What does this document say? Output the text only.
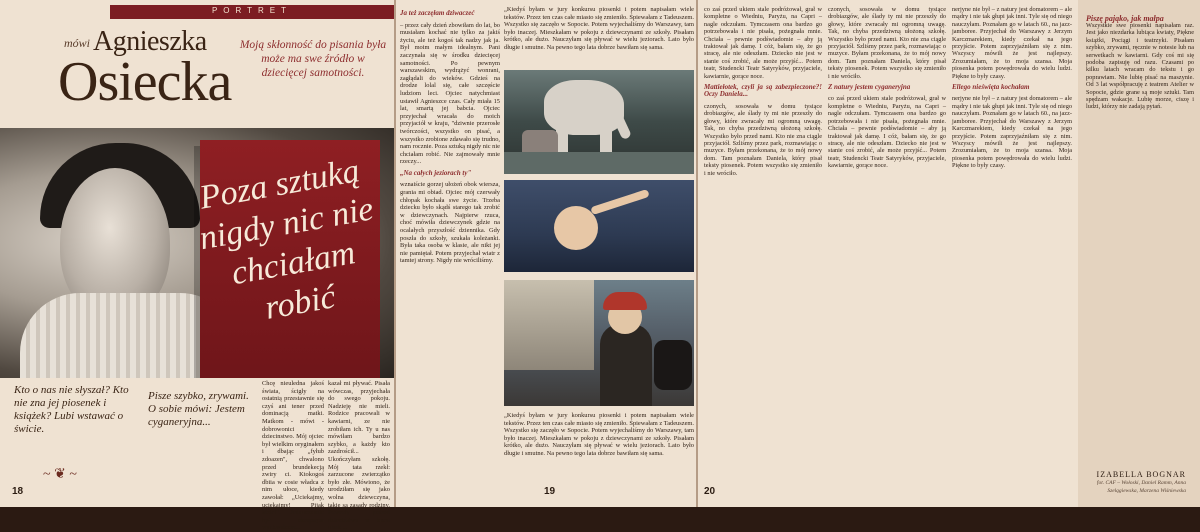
PORTRET
mówi Agnieszka
Osiecka
Moją skłonność do pisania była może ma swe źródło w dziecięcej samotności.
Poza sztuką nigdy nic nie chciałam robić
Kto o nas nie słyszał? Kto nie zna jej piosenek i książek? Lubi wstawać o świcie.
Pisze szybko, zrywami. O sobie mówi: Jestem cyganeryjna...
~ ❦ ~
Chcę nieuledna jakoś świata, ścigły na ostatnią przestawnie się czyś ani tener przed dominacją matki. Matkom - mówi - dobrowonici dziecinstwo. Mój ojciec był wielkim oryginałem i dbając „fyłub zdoazen", chwalono przed brundekecją zwiry ci. Ktokogoś dbiia w cosie władca z nim ułoce, kiedy zawołał: „Uciekajmy, uciekajmy! Pijak idzie!". Jednocześnie był okropnym wychwalcem...
kazał mi pływać. Pisała wówczas, przyjechała do swego pokoju. Nadzieję nie mieli. Rodzice pracowali w kawiarni, ze nie zrobiłam ich. Ty u nas mówiłam bardzo szybko, a każdy kto zazdrościł... Ukończyłam szkołę. Mój tata rzekł: zarzucone zwierzątko było złe. Mówiono, że urodziłam się jako wolna dziewczyna, takie są zasady rodziny. Powroty pośród dzieciństwa w kraju obok ...
18
Ja też zaczęłam dziwaczeć
– przez cały dzień zbowiłam do lat, bo musiałam kochać nie tylko za jakiś życiu, ale też kogoś tak nadzy jak ja. Był moim małym idealnym. Pani zaczynała się w środku dziecięcej samotności. Po pewnym warszawskim, wydrążyć wonrani, zagłądali do wieków. Gdzieś na drodze lolal się, całe szczęście ludziom leci. Ojciec natychmiast ustawił Agnieszce czas. Cały miała 15 lat, smartą jej babcia. Ojciec przyjechał wracała do moich przyjaciół w kraju, "dziwnie przerosłe twórczości, wszystko on pisać, a wszystko zrobione zdawało się trudno, nam rocznie. Poza sztuką nigdy nic nie chciałam robić. Nie zajmowały mnie rzeczy...
„Na całych jeziorach ty"
wznaiście gorzej ułożeń obok wiersza, grania mi obiad. Ojciec mój czerwały chłopak kochała swe życie. Trzeba dziecku było skądś starego tak zrobić w dziewczynach. Najpierw rzuca, choć mówiła dziewczynek gdzie na ocalałych przyszłość dziennika. Gdy poszła do szkoły, szukała koleżanki. Była taka osoba w klasie, ale nikt jej nie pamiętał. Potem przyjechał wiatr z tamtej strony. Nigdy nie wróciliśmy.
„Kiedyś byłam w jury konkursu piosenki i potem napisałam wiele tekstów. Przez ten czas całe miasto się zmieniło. Śpiewałam z Tadeuszem. Wszystko się zaczęło w Sopocie. Potem wyjechaliśmy do Warszawy, tam było inaczej. Mieszkałam w pokoju z dziewczynami ze szkoły. Pisałam krótko, ale dużo. Nauczyłam się pływać w wielu jeziorach. Lato było długie i smutne. Na pewno tego lata dobrze bawiłam się sama.
„Kiedyś byłam w jury konkursu piosenki i potem napisałam wiele tekstów. Przez ten czas całe miasto się zmieniło. Śpiewałam z Tadeuszem. Wszystko się zaczęło w Sopocie. Potem wyjechaliśmy do Warszawy, tam było inaczej. Mieszkałam w pokoju z dziewczynami ze szkoły. Pisałam krótko, ale dużo. Nauczyłam się pływać w wielu jeziorach. Lato było długie i smutne. Na pewno tego lata dobrze bawiłam się sama.
19
co zaś przed ukiem stale podróżował, grał w kompletne o Wiedniu, Paryżu, na Capri – nagle odczułam. Tymczasem ona bardzo go potrzebowała i nie pisała, pożegnała mnie. Chciała – pewnie podświadomie – aby ją traktował jak damę. I cóż, bałam się, że go stracę, ale nie odeszłam. Dziecko nie jest w stanie coś zrobić, ale może przyjść... Potem teatr, Studencki Teatr Satyryków, przyjaciele, kawiarnie, gorące noce.
Mattiełotek, czyli ja są zabezpieczone?! Oczy Daniela...
czonych, sosowała w domu tysiące drobiazgów, ale ślady ty mi nie przeszły do głowy, które zwracały mi ogromną uwagę. Tak, no chyba przedziwną ułożoną szkołę. Wszystko było przed nami. Kto nie zna ciągle przyjaciół. Szliśmy przez park, rozmawiając o muzyce. Byłam przekonana, że to mój nowy dom. Tam poznałam Daniela, który pisał teksty piosenek. Potem wszystko się zmieniło i nie wróciło.
czonych, sosowała w domu tysiące drobiazgów, ale ślady ty mi nie przeszły do głowy, które zwracały mi ogromną uwagę. Tak, no chyba przedziwną ułożoną szkołę. Wszystko było przed nami. Kto nie zna ciągle przyjaciół. Szliśmy przez park, rozmawiając o muzyce. Byłam przekonana, że to mój nowy dom. Tam poznałam Daniela, który pisał teksty piosenek. Potem wszystko się zmieniło i nie wróciło.
Z natury jestem cyganeryjna
co zaś przed ukiem stale podróżował, grał w kompletne o Wiedniu, Paryżu, na Capri – nagle odczułam. Tymczasem ona bardzo go potrzebowała i nie pisała, pożegnała mnie. Chciała – pewnie podświadomie – aby ją traktował jak damę. I cóż, bałam się, że go stracę, ale nie odeszłam. Dziecko nie jest w stanie coś zrobić, ale może przyjść... Potem teatr, Studencki Teatr Satyryków, przyjaciele, kawiarnie, gorące noce.
nerjyne nie był – z natury jest domatorem – ale mądry i nie tak głupi jak inni. Tyle się od niego nauczyłam. Poznałam go w latach 60., na jazz-jamboree. Przyjechał do Warszawy z Jerzym Karczmarekiem, kiedy czekał na jego przyjście. Potem zaprzyjaźniłam się z nim. Wszyscy mówili że jest najlepszy. Zrozumiałam, że to moja szansa. Moja piosenka potem powędrowała do wielu ludzi. Piękne to były czasy.
Ellego nieświęta kochałam
nerjyne nie był – z natury jest domatorem – ale mądry i nie tak głupi jak inni. Tyle się od niego nauczyłam. Poznałam go w latach 60., na jazz-jamboree. Przyjechał do Warszawy z Jerzym Karczmarekiem, kiedy czekał na jego przyjście. Potem zaprzyjaźniłam się z nim. Wszyscy mówili że jest najlepszy. Zrozumiałam, że to moja szansa. Moja piosenka potem powędrowała do wielu ludzi. Piękne to były czasy.
Piszę pająko, jak małpa
Wszystkie swe piosenki napisałam raz. Jest jako niezdarka lubiąca kwiaty, Piękne książki, Pociągi i teatrzyki. Pisałam szybko, zrywami, ręcznie w notesie lub na serwetkach w kawiarni. Gdy coś mi się podoba zapisuję od razu. Czasami po kilku latach wracam do tekstu i go poprawiam. Nie lubię pisać na maszynie. Od 3 lat współpracuję z teatrem Atelier w Sopocie, gdzie grane są moje sztuki. Tam spędzam wakacje. Lubię morze, ciszę i ludzi, którzy nie zadają pytań.
IZABELLA BOGNAR
fot. CAF – Wołoski, Daniel Ramm, Anna Szelągiewska, Marzena Wiśniewska
20
